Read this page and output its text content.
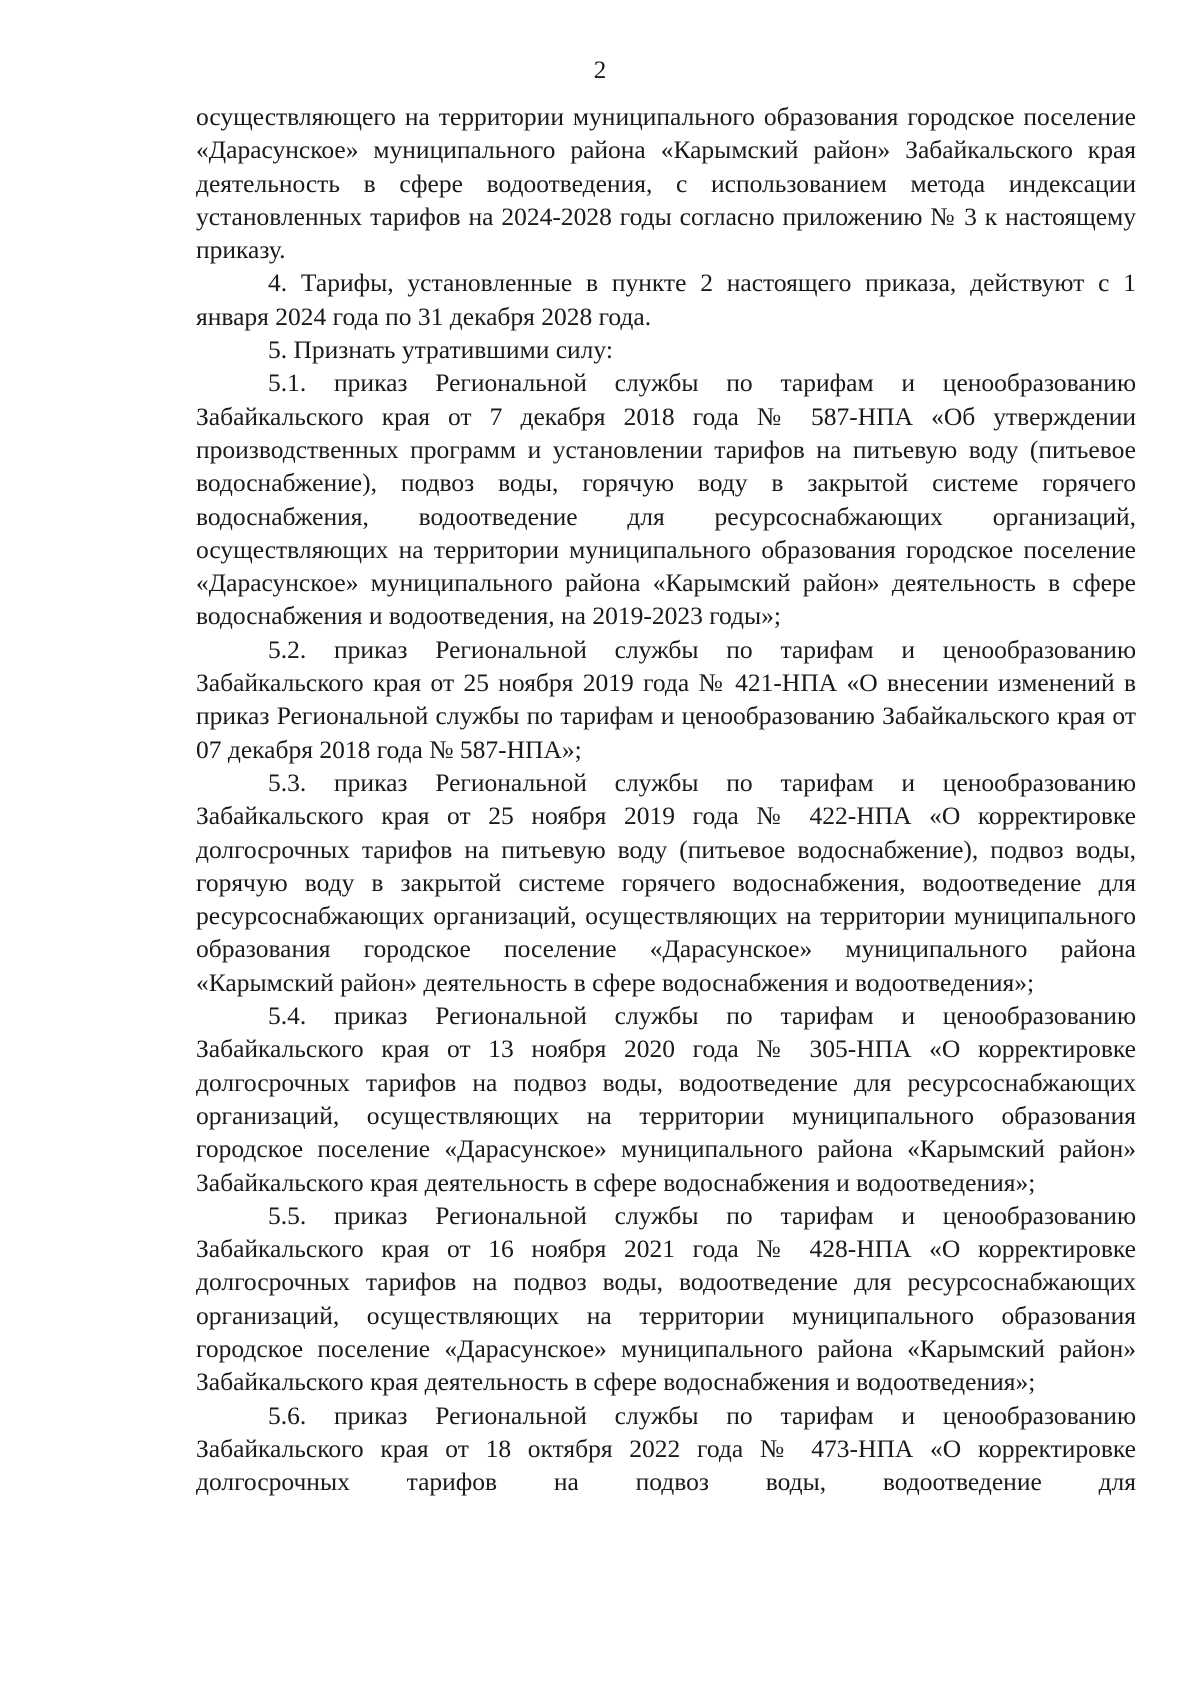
2

осуществляющего на территории муниципального образования городское поселение «Дарасунское» муниципального района «Карымский район» Забайкальского края деятельность в сфере водоотведения, с использованием метода индексации установленных тарифов на 2024-2028 годы согласно приложению № 3 к настоящему приказу.

4. Тарифы, установленные в пункте 2 настоящего приказа, действуют с 1 января 2024 года по 31 декабря 2028 года.

5. Признать утратившими силу:

5.1. приказ Региональной службы по тарифам и ценообразованию Забайкальского края от 7 декабря 2018 года № 587-НПА «Об утверждении производственных программ и установлении тарифов на питьевую воду (питьевое водоснабжение), подвоз воды, горячую воду в закрытой системе горячего водоснабжения, водоотведение для ресурсоснабжающих организаций, осуществляющих на территории муниципального образования городское поселение «Дарасунское» муниципального района «Карымский район» деятельность в сфере водоснабжения и водоотведения, на 2019-2023 годы»;

5.2. приказ Региональной службы по тарифам и ценообразованию Забайкальского края от 25 ноября 2019 года № 421-НПА «О внесении изменений в приказ Региональной службы по тарифам и ценообразованию Забайкальского края от 07 декабря 2018 года № 587-НПА»;

5.3. приказ Региональной службы по тарифам и ценообразованию Забайкальского края от 25 ноября 2019 года № 422-НПА «О корректировке долгосрочных тарифов на питьевую воду (питьевое водоснабжение), подвоз воды, горячую воду в закрытой системе горячего водоснабжения, водоотведение для ресурсоснабжающих организаций, осуществляющих на территории муниципального образования городское поселение «Дарасунское» муниципального района «Карымский район» деятельность в сфере водоснабжения и водоотведения»;

5.4. приказ Региональной службы по тарифам и ценообразованию Забайкальского края от 13 ноября 2020 года № 305-НПА «О корректировке долгосрочных тарифов на подвоз воды, водоотведение для ресурсоснабжающих организаций, осуществляющих на территории муниципального образования городское поселение «Дарасунское» муниципального района «Карымский район» Забайкальского края деятельность в сфере водоснабжения и водоотведения»;

5.5. приказ Региональной службы по тарифам и ценообразованию Забайкальского края от 16 ноября 2021 года № 428-НПА «О корректировке долгосрочных тарифов на подвоз воды, водоотведение для ресурсоснабжающих организаций, осуществляющих на территории муниципального образования городское поселение «Дарасунское» муниципального района «Карымский район» Забайкальского края деятельность в сфере водоснабжения и водоотведения»;

5.6. приказ Региональной службы по тарифам и ценообразованию Забайкальского края от 18 октября 2022 года № 473-НПА «О корректировке долгосрочных тарифов на подвоз воды, водоотведение для
